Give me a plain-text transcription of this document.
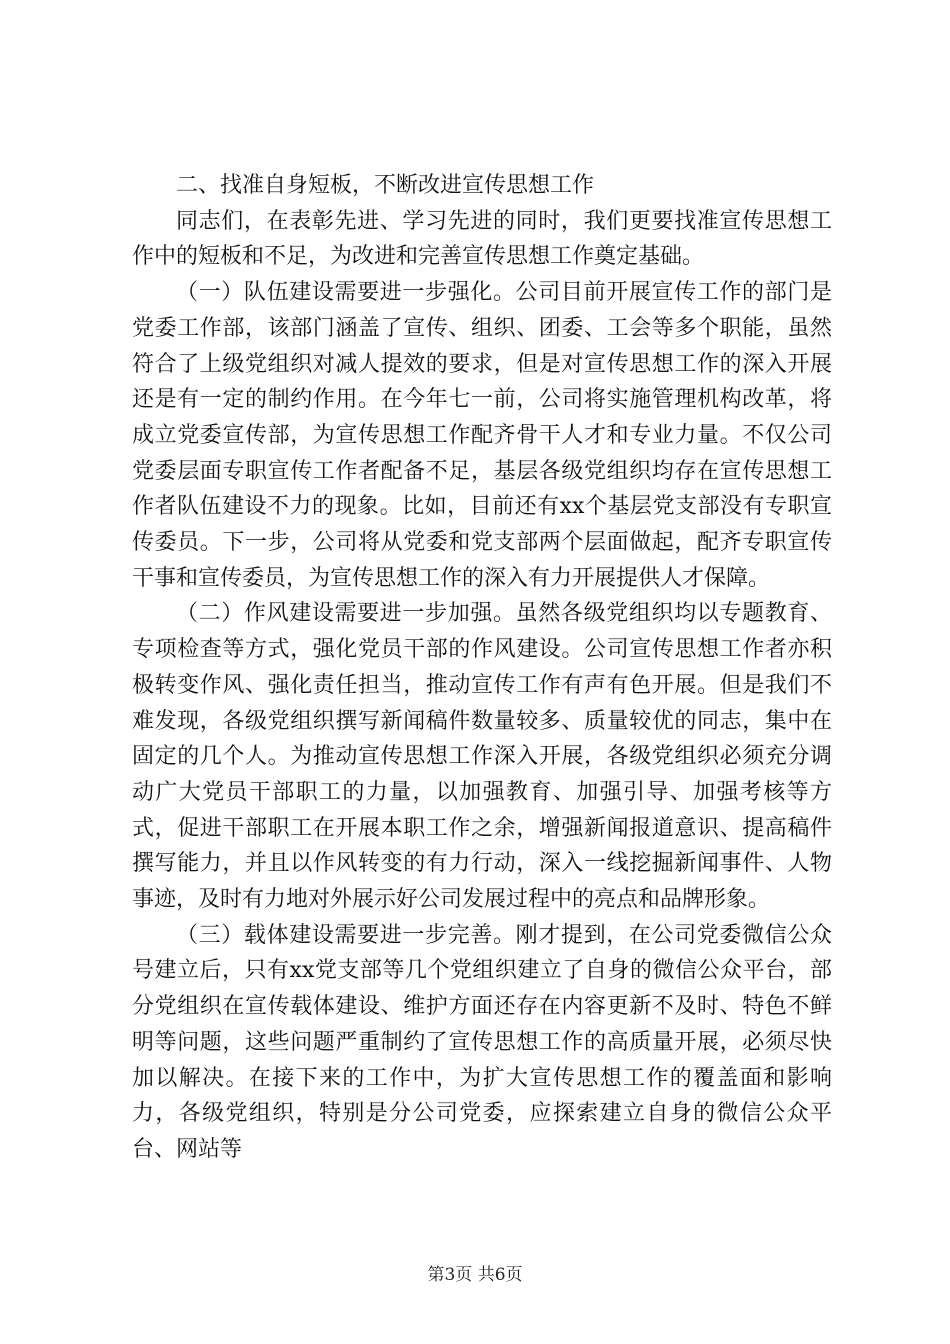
二、找准自身短板，不断改进宣传思想工作

同志们，在表彰先进、学习先进的同时，我们更要找准宣传思想工作中的短板和不足，为改进和完善宣传思想工作奠定基础。

（一）队伍建设需要进一步强化。公司目前开展宣传工作的部门是党委工作部，该部门涵盖了宣传、组织、团委、工会等多个职能，虽然符合了上级党组织对减人提效的要求，但是对宣传思想工作的深入开展还是有一定的制约作用。在今年七一前，公司将实施管理机构改革，将成立党委宣传部，为宣传思想工作配齐骨干人才和专业力量。不仅公司党委层面专职宣传工作者配备不足，基层各级党组织均存在宣传思想工作者队伍建设不力的现象。比如，目前还有xx个基层党支部没有专职宣传委员。下一步，公司将从党委和党支部两个层面做起，配齐专职宣传干事和宣传委员，为宣传思想工作的深入有力开展提供人才保障。

（二）作风建设需要进一步加强。虽然各级党组织均以专题教育、专项检查等方式，强化党员干部的作风建设。公司宣传思想工作者亦积极转变作风、强化责任担当，推动宣传工作有声有色开展。但是我们不难发现，各级党组织撰写新闻稿件数量较多、质量较优的同志，集中在固定的几个人。为推动宣传思想工作深入开展，各级党组织必须充分调动广大党员干部职工的力量，以加强教育、加强引导、加强考核等方式，促进干部职工在开展本职工作之余，增强新闻报道意识、提高稿件撰写能力，并且以作风转变的有力行动，深入一线挖掘新闻事件、人物事迹，及时有力地对外展示好公司发展过程中的亮点和品牌形象。

（三）载体建设需要进一步完善。刚才提到，在公司党委微信公众号建立后，只有xx党支部等几个党组织建立了自身的微信公众平台，部分党组织在宣传载体建设、维护方面还存在内容更新不及时、特色不鲜明等问题，这些问题严重制约了宣传思想工作的高质量开展，必须尽快加以解决。在接下来的工作中，为扩大宣传思想工作的覆盖面和影响力，各级党组织，特别是分公司党委，应探索建立自身的微信公众平台、网站等

第3页 共6页
